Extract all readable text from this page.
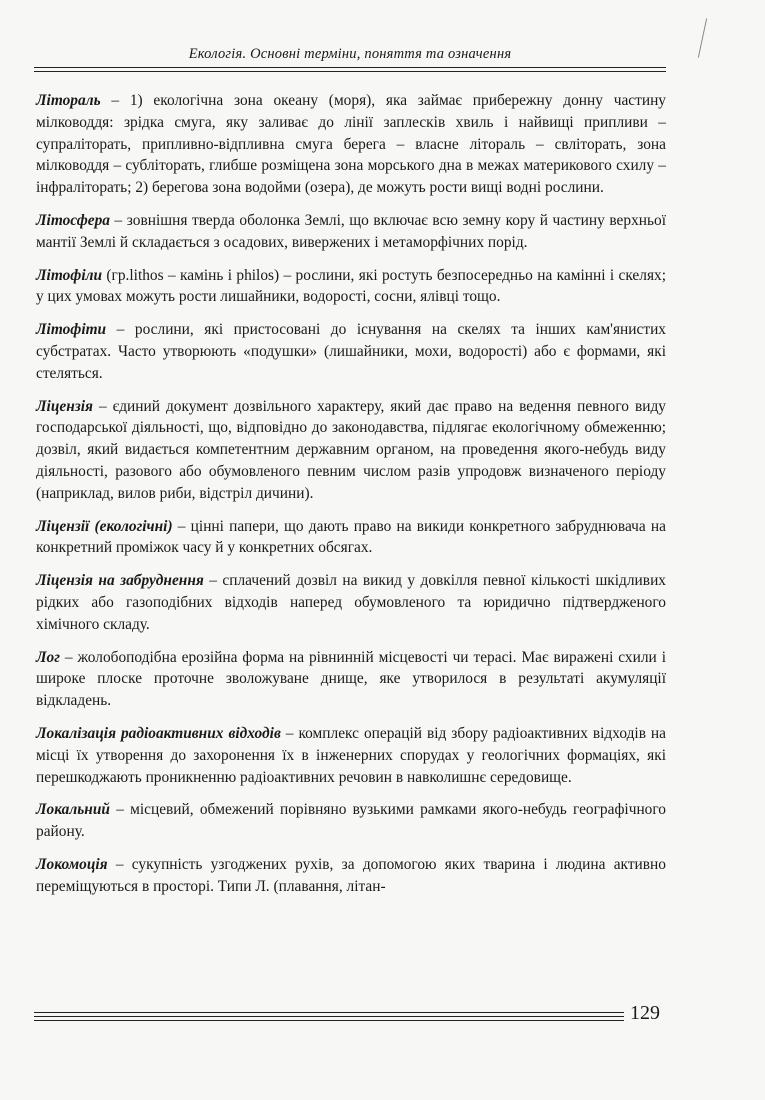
Екологія. Основні терміни, поняття та означення

Літораль – 1) екологічна зона океану (моря), яка займає прибережну донну частину мілководдя: зрідка смуга, яку заливає до лінії заплесків хвиль і найвищі припливи – супраліторать, припливно-відпливна смуга берега – власне літораль – свліторать, зона мілководдя – субліторать, глибше розміщена зона морського дна в межах материкового схилу – інфраліторать; 2) берегова зона водойми (озера), де можуть рости вищі водні рослини.

Літосфера – зовнішня тверда оболонка Землі, що включає всю земну кору й частину верхньої мантії Землі й складається з осадових, вивержених і метаморфічних порід.

Літофіли (гр.lithos – камінь і philos) – рослини, які ростуть безпосередньо на камінні і скелях; у цих умовах можуть рости лишайники, водорості, сосни, ялівці тощо.

Літофіти – рослини, які пристосовані до існування на скелях та інших кам'янистих субстратах. Часто утворюють «подушки» (лишайники, мохи, водорості) або є формами, які стеляться.

Ліцензія – єдиний документ дозвільного характеру, який дає право на ведення певного виду господарської діяльності, що, відповідно до законодавства, підлягає екологічному обмеженню; дозвіл, який видається компетентним державним органом, на проведення якого-небудь виду діяльності, разового або обумовленого певним числом разів упродовж визначеного періоду (наприклад, вилов риби, відстріл дичини).

Ліцензії (екологічні) – цінні папери, що дають право на викиди конкретного забруднювача на конкретний проміжок часу й у конкретних обсягах.

Ліцензія на забруднення – сплачений дозвіл на викид у довкілля певної кількості шкідливих рідких або газоподібних відходів наперед обумовленого та юридично підтвердженого хімічного складу.

Лог – жолобоподібна ерозійна форма на рівнинній місцевості чи терасі. Має виражені схили і широке плоске проточне зволожуване днище, яке утворилося в результаті акумуляції відкладень.

Локалізація радіоактивних відходів – комплекс операцій від збору радіоактивних відходів на місці їх утворення до захоронення їх в інженерних спорудах у геологічних формаціях, які перешкоджають проникненню радіоактивних речовин в навколишнє середовище.

Локальний – місцевий, обмежений порівняно вузькими рамками якого-небудь географічного району.

Локомоція – сукупність узгоджених рухів, за допомогою яких тварина і людина активно переміщуються в просторі. Типи Л. (плавання, літан-

129
